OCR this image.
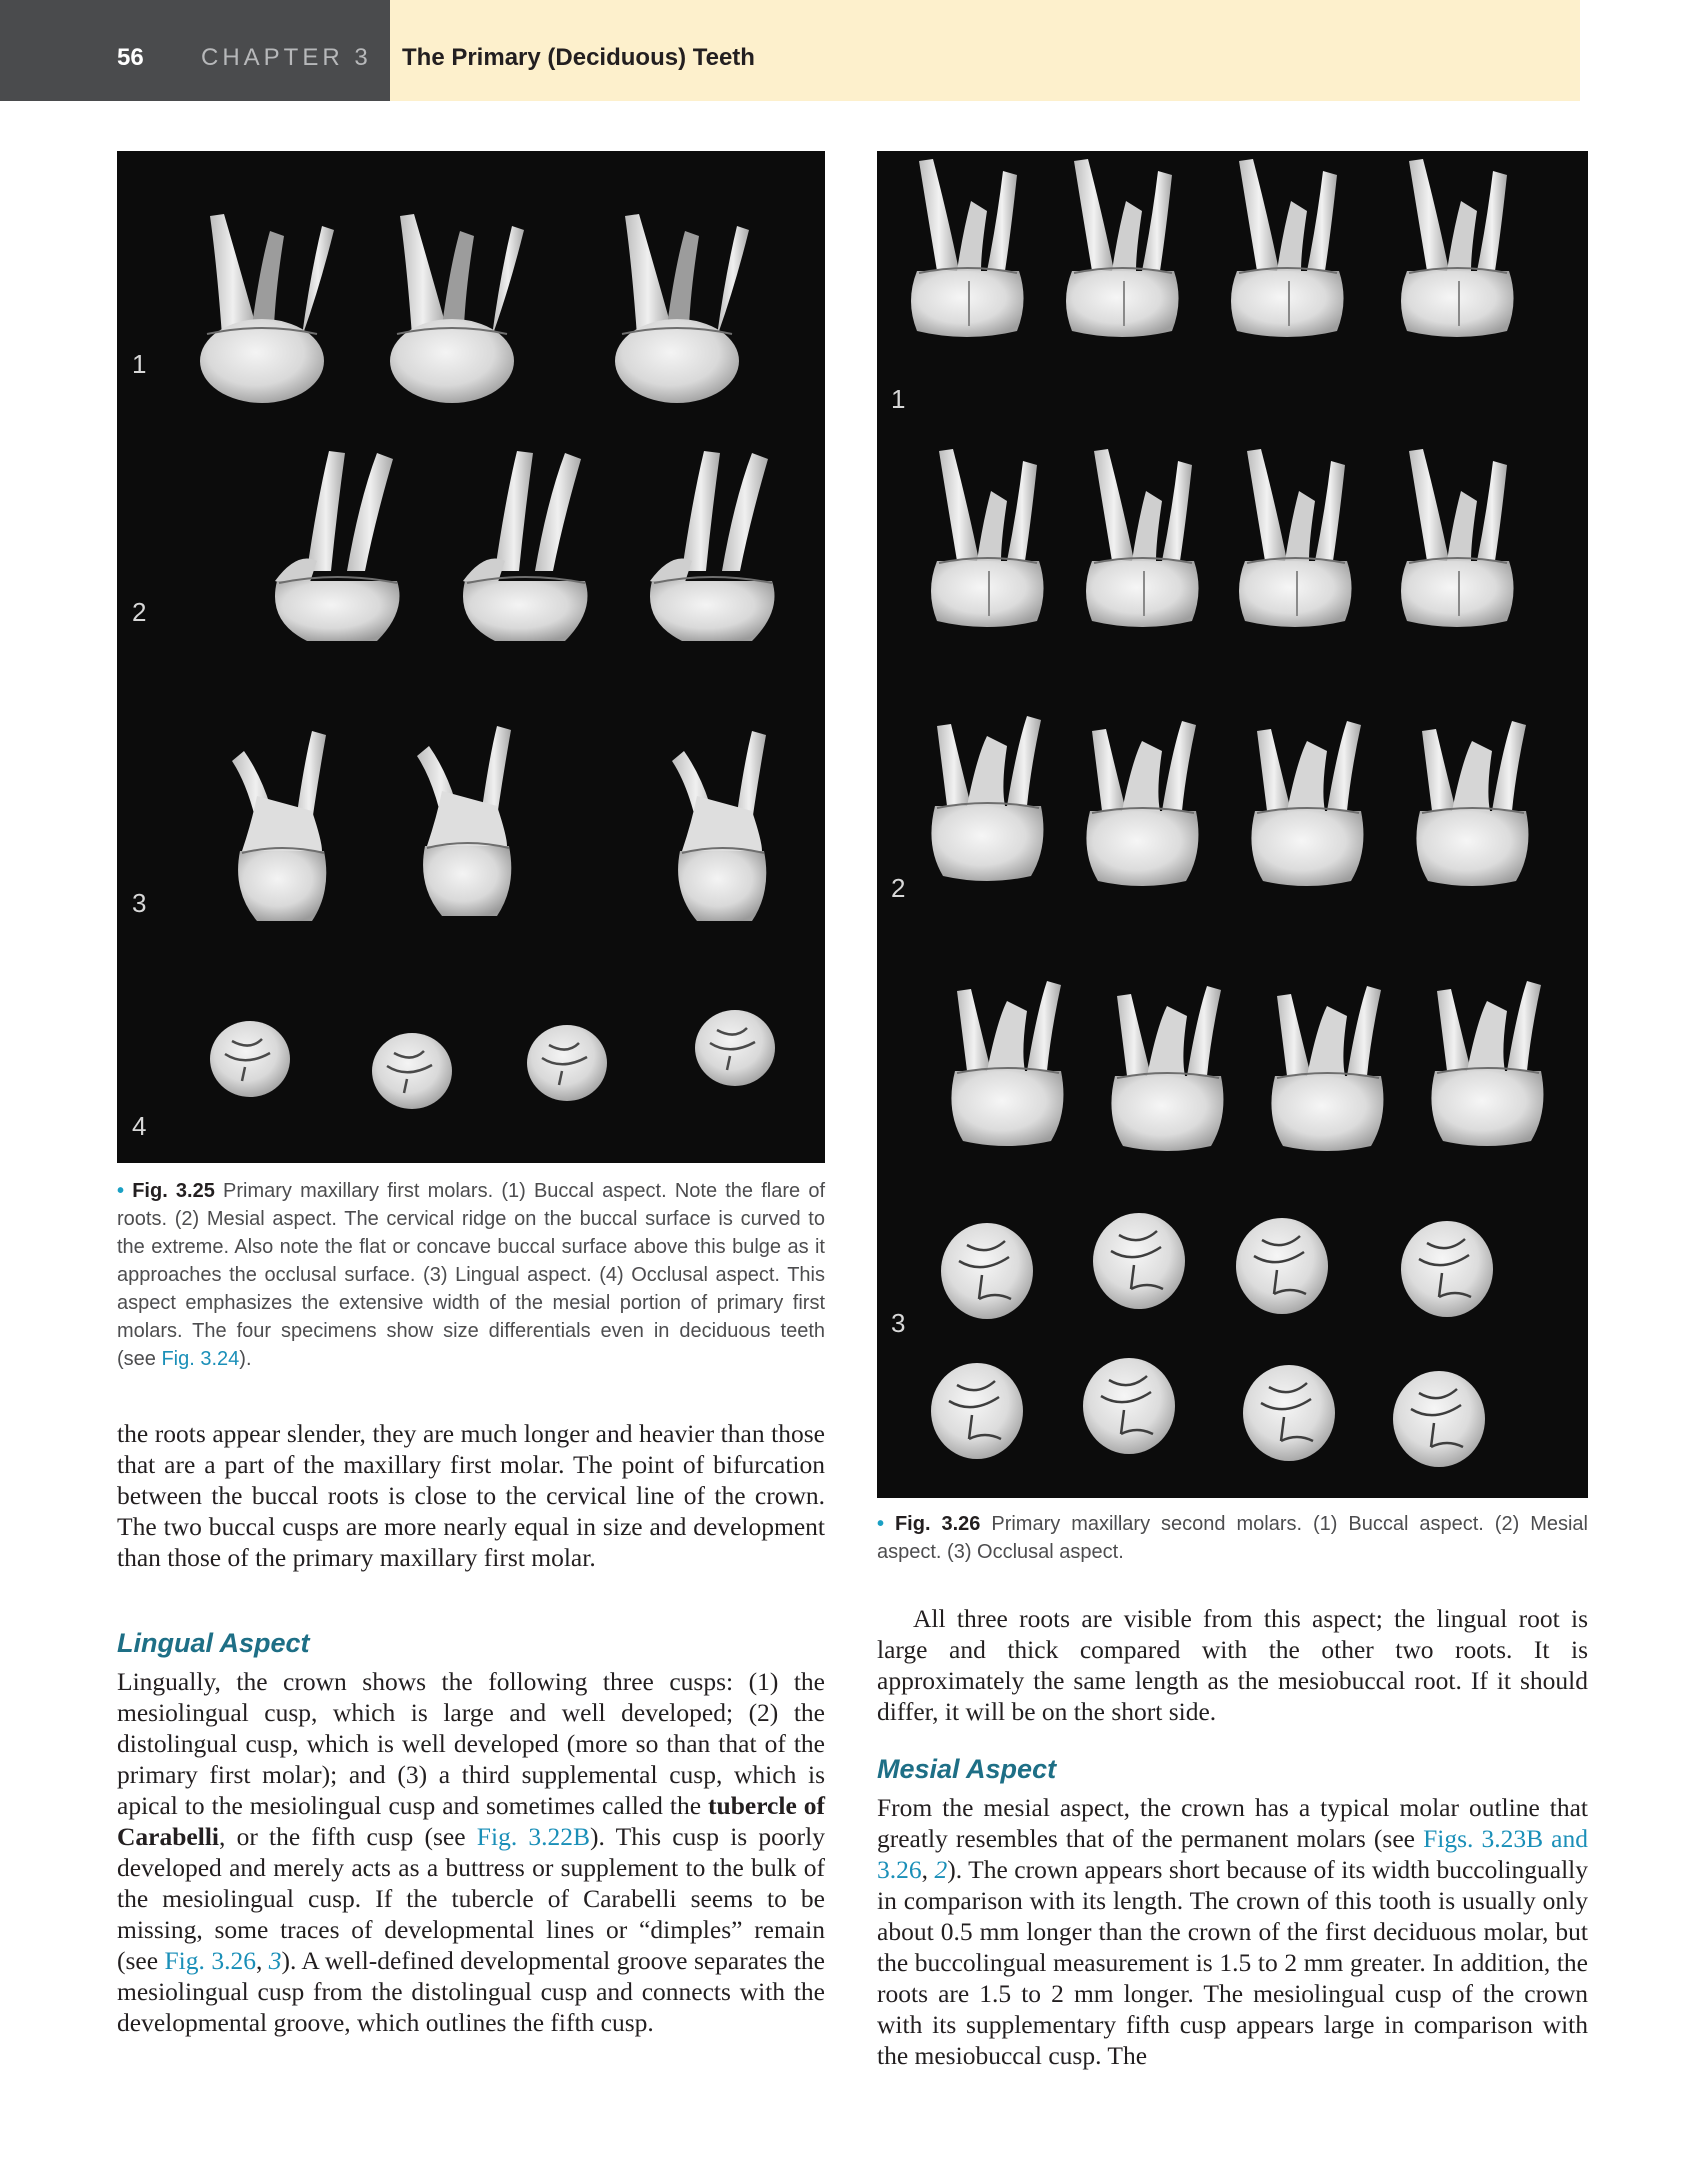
56 CHAPTER 3 The Primary (Deciduous) Teeth
1
2
3
4
• Fig. 3.25 Primary maxillary first molars. (1) Buccal aspect. Note the flare of roots. (2) Mesial aspect. The cervical ridge on the buccal surface is curved to the extreme. Also note the flat or concave buccal surface above this bulge as it approaches the occlusal surface. (3) Lingual aspect. (4) Occlusal aspect. This aspect emphasizes the extensive width of the mesial portion of primary first molars. The four specimens show size differentials even in deciduous teeth (see Fig. 3.24).
1
2
3
• Fig. 3.26 Primary maxillary second molars. (1) Buccal aspect. (2) Mesial aspect. (3) Occlusal aspect.
the roots appear slender, they are much longer and heavier than those that are a part of the maxillary first molar. The point of bifurcation between the buccal roots is close to the cervical line of the crown. The two buccal cusps are more nearly equal in size and development than those of the primary maxillary first molar.
Lingual Aspect
Lingually, the crown shows the following three cusps: (1) the mesiolingual cusp, which is large and well developed; (2) the distolingual cusp, which is well developed (more so than that of the primary first molar); and (3) a third supplemental cusp, which is apical to the mesiolingual cusp and sometimes called the tubercle of Carabelli, or the fifth cusp (see Fig. 3.22B). This cusp is poorly developed and merely acts as a buttress or supplement to the bulk of the mesiolingual cusp. If the tubercle of Carabelli seems to be missing, some traces of developmental lines or “dimples” remain (see Fig. 3.26, 3). A well-defined developmental groove separates the mesiolingual cusp from the distolingual cusp and connects with the developmental groove, which outlines the fifth cusp.
All three roots are visible from this aspect; the lingual root is large and thick compared with the other two roots. It is approximately the same length as the mesiobuccal root. If it should differ, it will be on the short side.
Mesial Aspect
From the mesial aspect, the crown has a typical molar outline that greatly resembles that of the permanent molars (see Figs. 3.23B and 3.26, 2). The crown appears short because of its width buccolingually in comparison with its length. The crown of this tooth is usually only about 0.5 mm longer than the crown of the first deciduous molar, but the buccolingual measurement is 1.5 to 2 mm greater. In addition, the roots are 1.5 to 2 mm longer. The mesiolingual cusp of the crown with its supplementary fifth cusp appears large in comparison with the mesiobuccal cusp. The
